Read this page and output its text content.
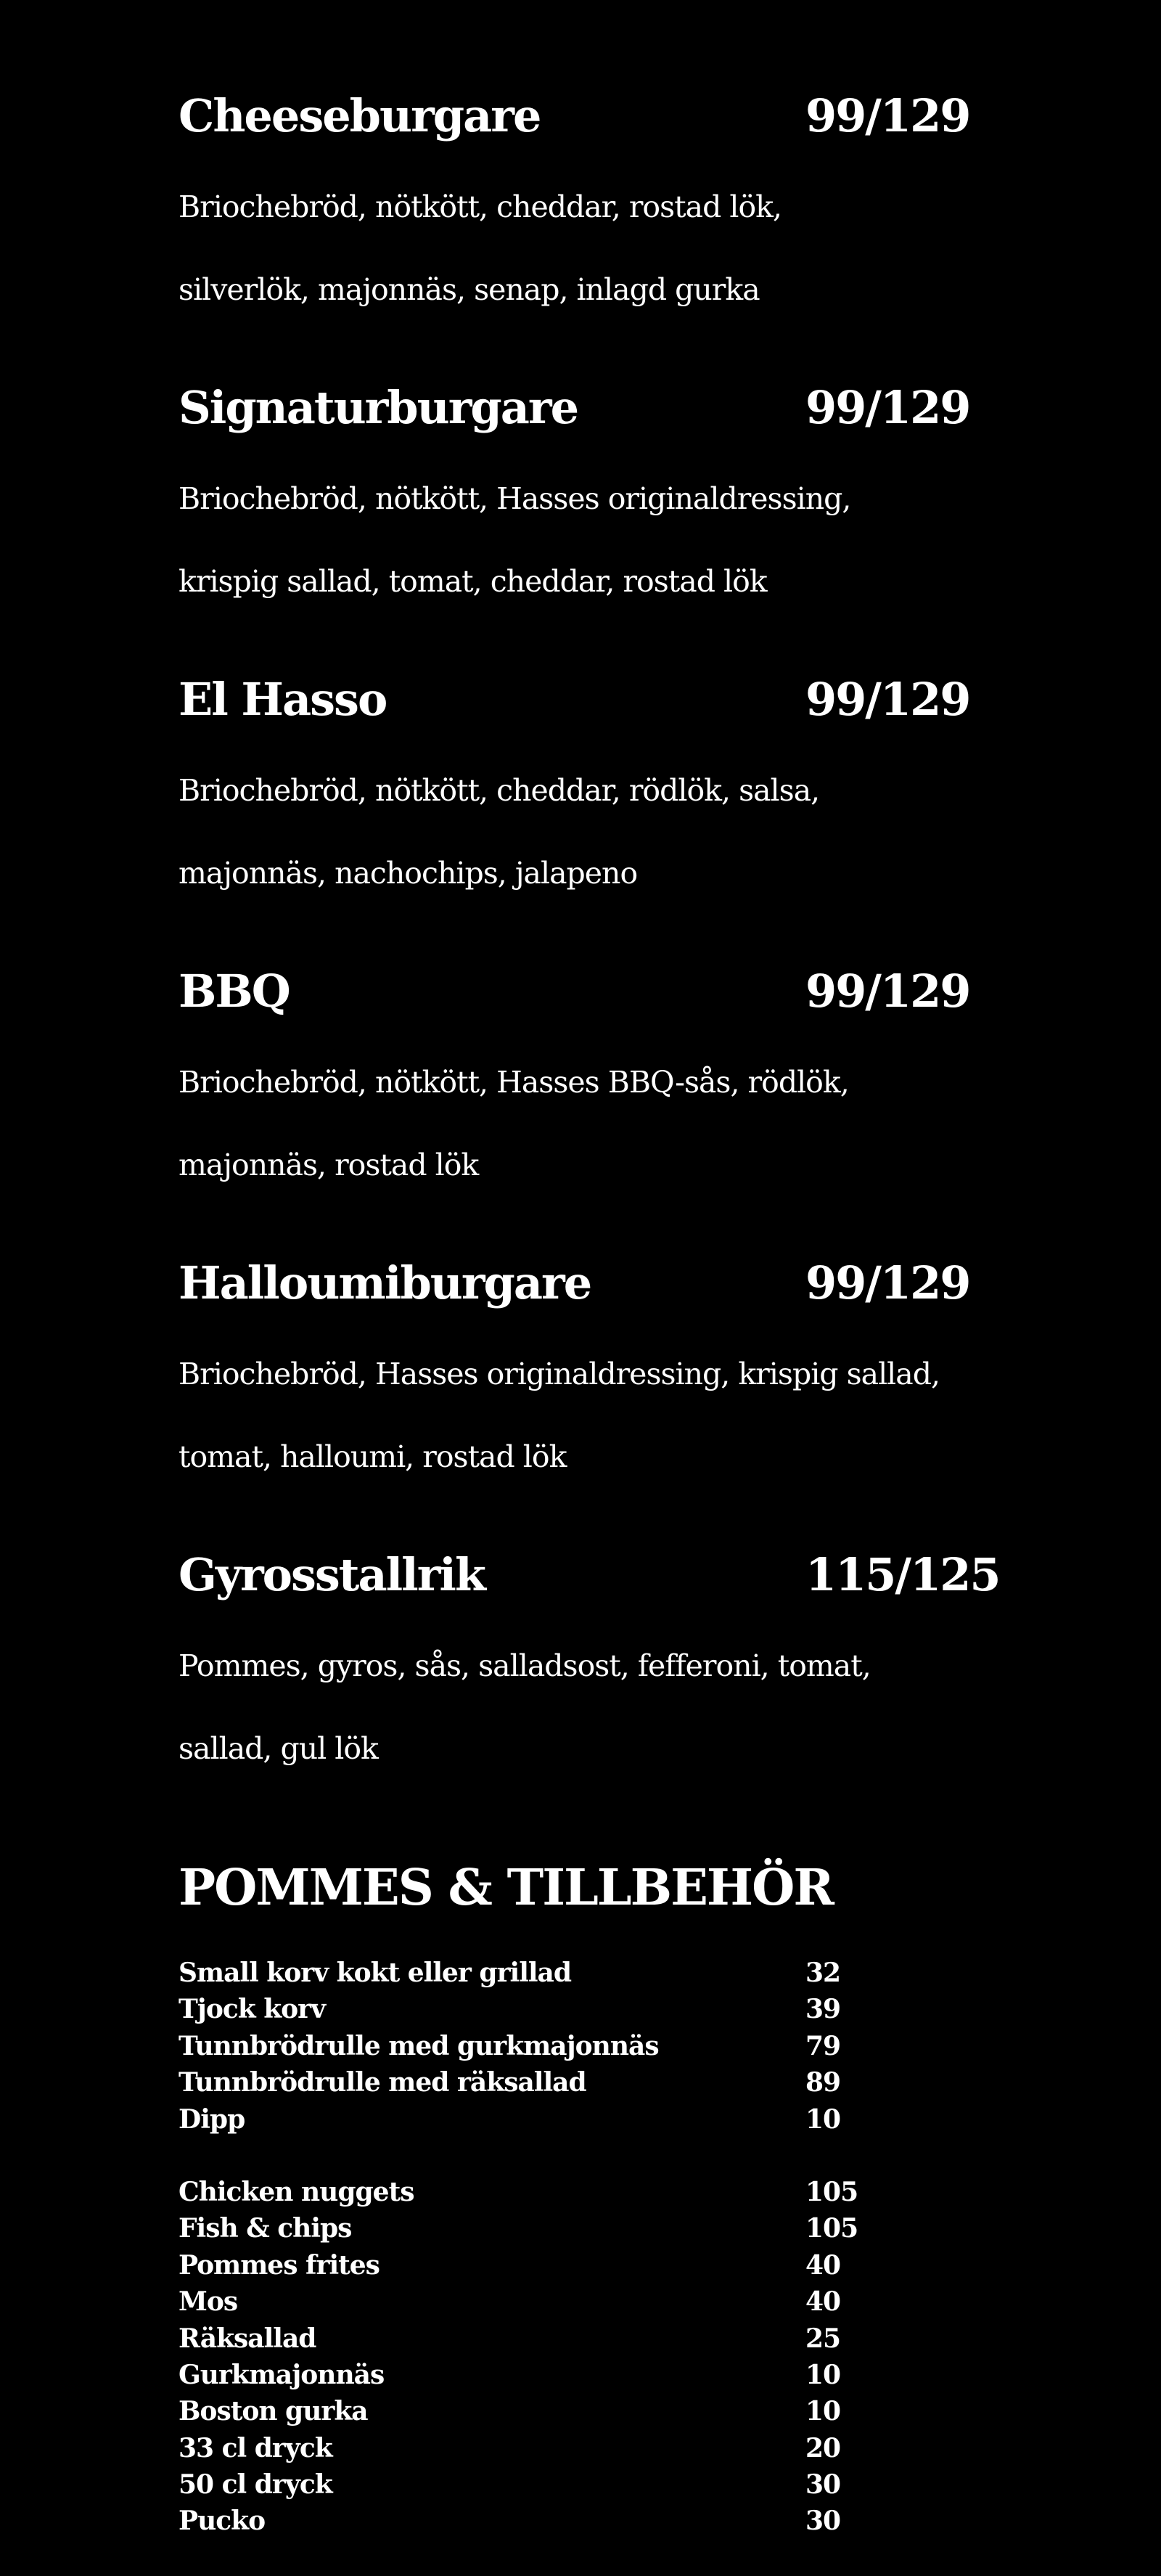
Cheeseburgare	99/129

Briochebröd, nötkött, cheddar, rostad lök,

silverlök, majonnäs, senap, inlagd gurka

Signaturburgare	99/129

Briochebröd, nötkött, Hasses originaldressing,

krispig sallad, tomat, cheddar, rostad lök

El Hasso	99/129

Briochebröd, nötkött, cheddar, rödlök, salsa,

majonnäs, nachochips, jalapeno

BBQ	99/129

Briochebröd, nötkött, Hasses BBQ-sås, rödlök,

majonnäs, rostad lök

Halloumiburgare	99/129

Briochebröd, Hasses originaldressing, krispig sallad,

tomat, halloumi, rostad lök

Gyrosstallrik	115/125

Pommes, gyros, sås, salladsost, fefferoni, tomat,

sallad, gul lök

POMMES & TILLBEHÖR
Small korv kokt eller grillad	32
Tjock korv	39
Tunnbrödrulle med gurkmajonnäs	79
Tunnbrödrulle med räksallad	89
Dipp	10
Chicken nuggets	105
Fish & chips	105
Pommes frites	40
Mos	40
Räksallad	25
Gurkmajonnäs	10
Boston gurka	10
33 cl dryck	20
50 cl dryck	30
Pucko	30
